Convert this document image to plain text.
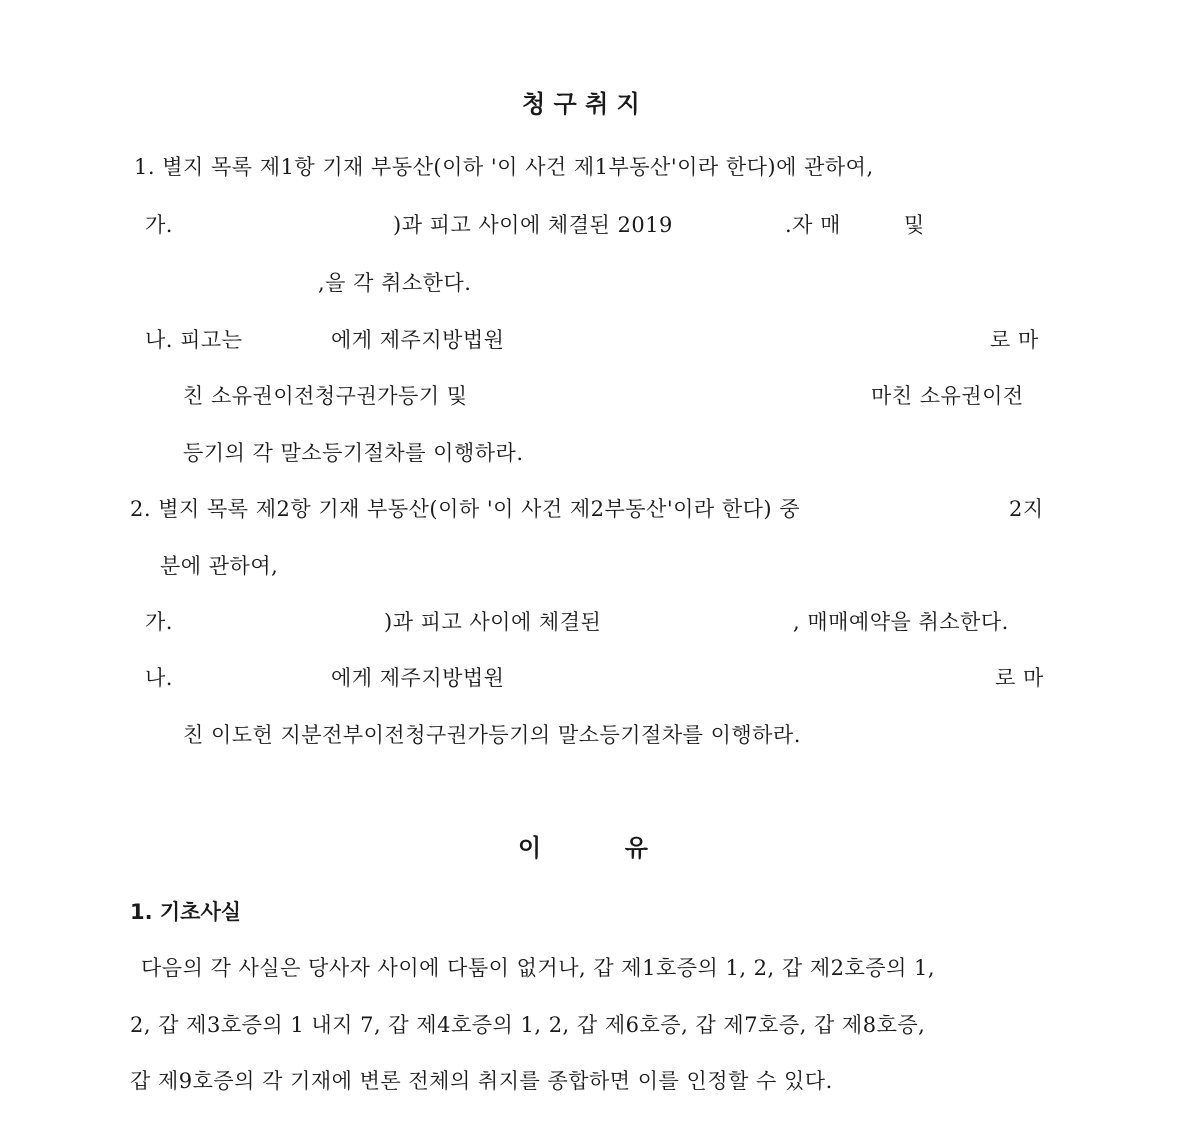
청 구 취 지
1. 별지 목록 제1항 기재 부동산(이하 '이 사건 제1부동산'이라 한다)에 관하여,
가.	)과 피고 사이에 체결된 2019	.자 매	및
,을 각 취소한다.
나. 피고는	에게 제주지방법원	로 마
친 소유권이전청구권가등기 및	마친 소유권이전
등기의 각 말소등기절차를 이행하라.
2. 별지 목록 제2항 기재 부동산(이하 '이 사건 제2부동산'이라 한다) 중	2지
분에 관하여,
가.	)과 피고 사이에 체결된	, 매매예약을 취소한다.
나.	에게 제주지방법원	로 마
친 이도헌 지분전부이전청구권가등기의 말소등기절차를 이행하라.
이          유
1. 기초사실
다음의 각 사실은 당사자 사이에 다툼이 없거나, 갑 제1호증의 1, 2, 갑 제2호증의 1,
2, 갑 제3호증의 1 내지 7, 갑 제4호증의 1, 2, 갑 제6호증, 갑 제7호증, 갑 제8호증,
갑 제9호증의 각 기재에 변론 전체의 취지를 종합하면 이를 인정할 수 있다.
